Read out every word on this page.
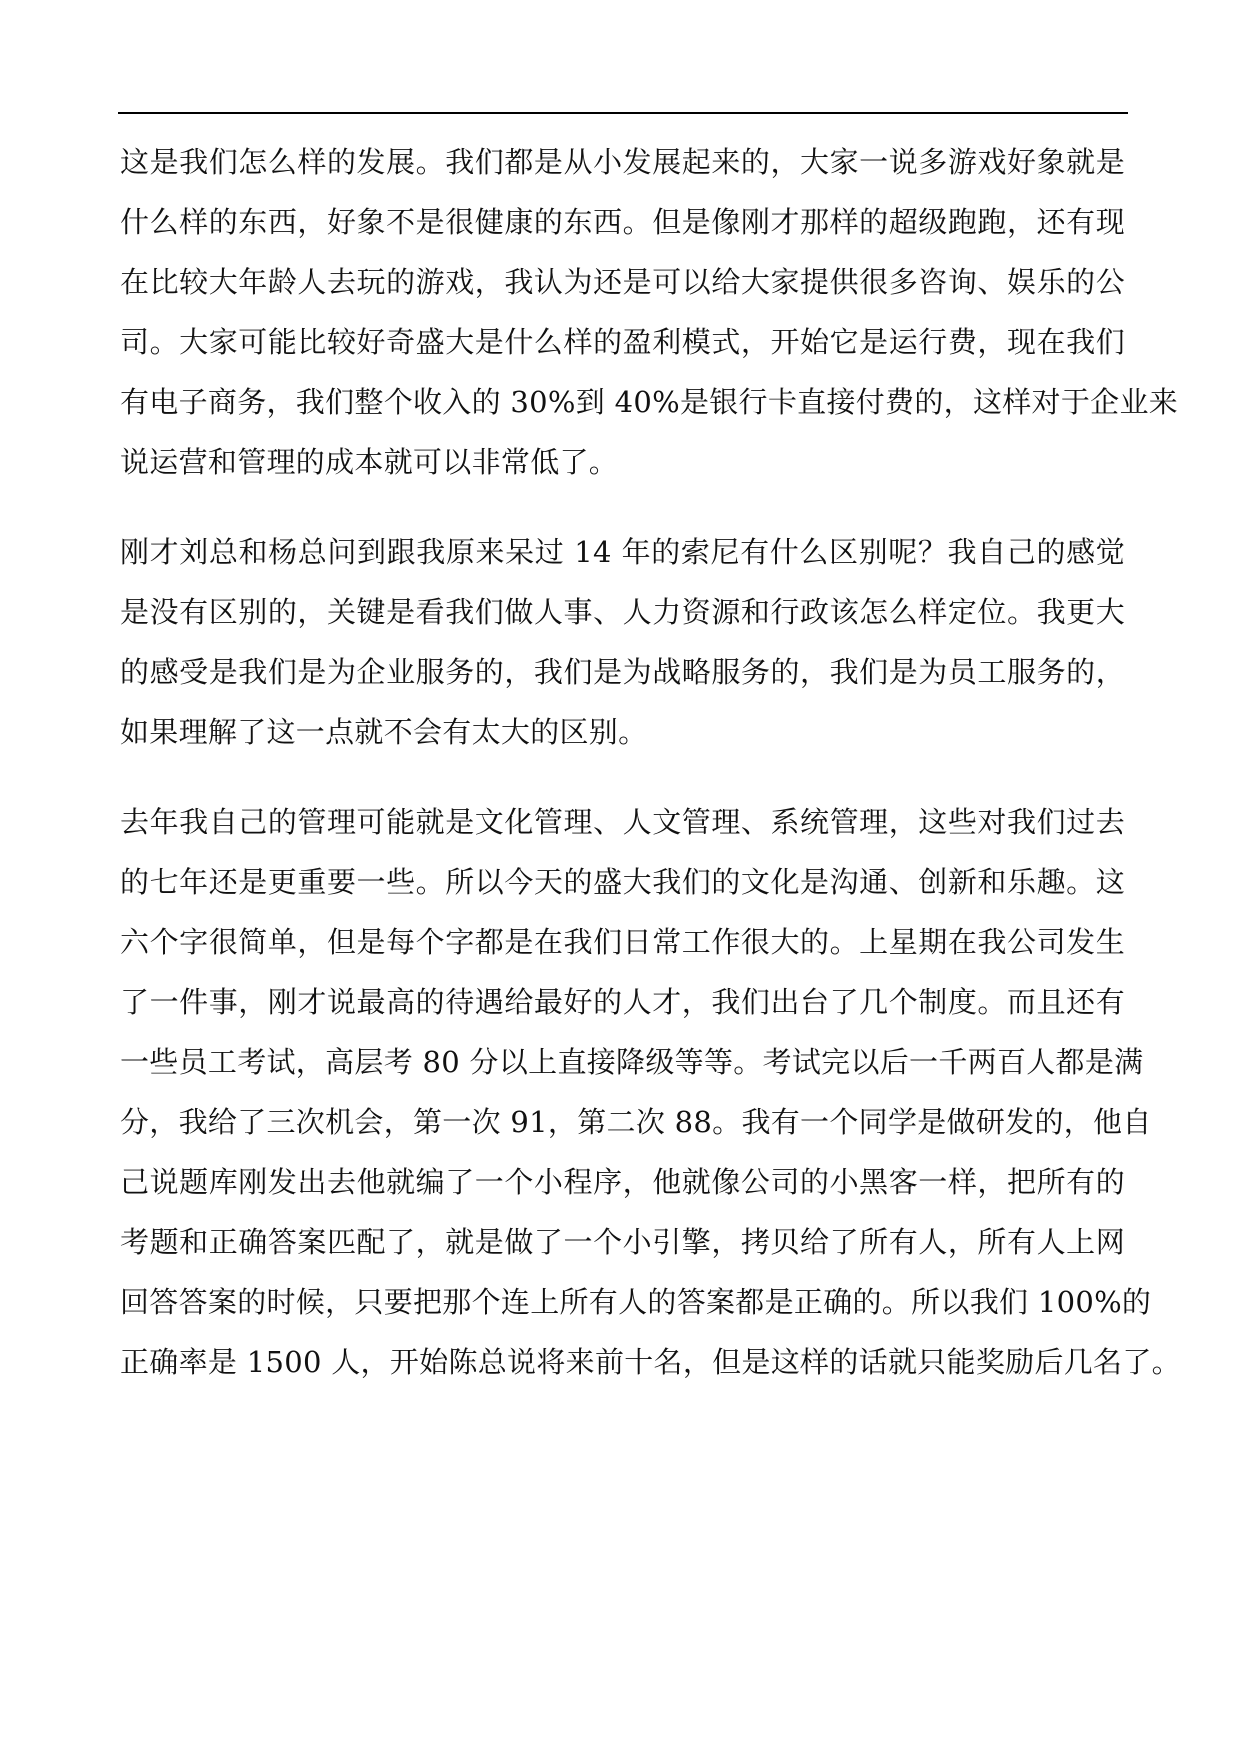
这是我们怎么样的发展。我们都是从小发展起来的，大家一说多游戏好象就是
什么样的东西，好象不是很健康的东西。但是像刚才那样的超级跑跑，还有现
在比较大年龄人去玩的游戏，我认为还是可以给大家提供很多咨询、娱乐的公
司。大家可能比较好奇盛大是什么样的盈利模式，开始它是运行费，现在我们
有电子商务，我们整个收入的 30%到 40%是银行卡直接付费的，这样对于企业来
说运营和管理的成本就可以非常低了。

刚才刘总和杨总问到跟我原来呆过 14 年的索尼有什么区别呢？我自己的感觉
是没有区别的，关键是看我们做人事、人力资源和行政该怎么样定位。我更大
的感受是我们是为企业服务的，我们是为战略服务的，我们是为员工服务的，
如果理解了这一点就不会有太大的区别。

去年我自己的管理可能就是文化管理、人文管理、系统管理，这些对我们过去
的七年还是更重要一些。所以今天的盛大我们的文化是沟通、创新和乐趣。这
六个字很简单，但是每个字都是在我们日常工作很大的。上星期在我公司发生
了一件事，刚才说最高的待遇给最好的人才，我们出台了几个制度。而且还有
一些员工考试，高层考 80 分以上直接降级等等。考试完以后一千两百人都是满
分，我给了三次机会，第一次 91，第二次 88。我有一个同学是做研发的，他自
己说题库刚发出去他就编了一个小程序，他就像公司的小黑客一样，把所有的
考题和正确答案匹配了，就是做了一个小引擎，拷贝给了所有人，所有人上网
回答答案的时候，只要把那个连上所有人的答案都是正确的。所以我们 100%的
正确率是 1500 人，开始陈总说将来前十名，但是这样的话就只能奖励后几名了。
